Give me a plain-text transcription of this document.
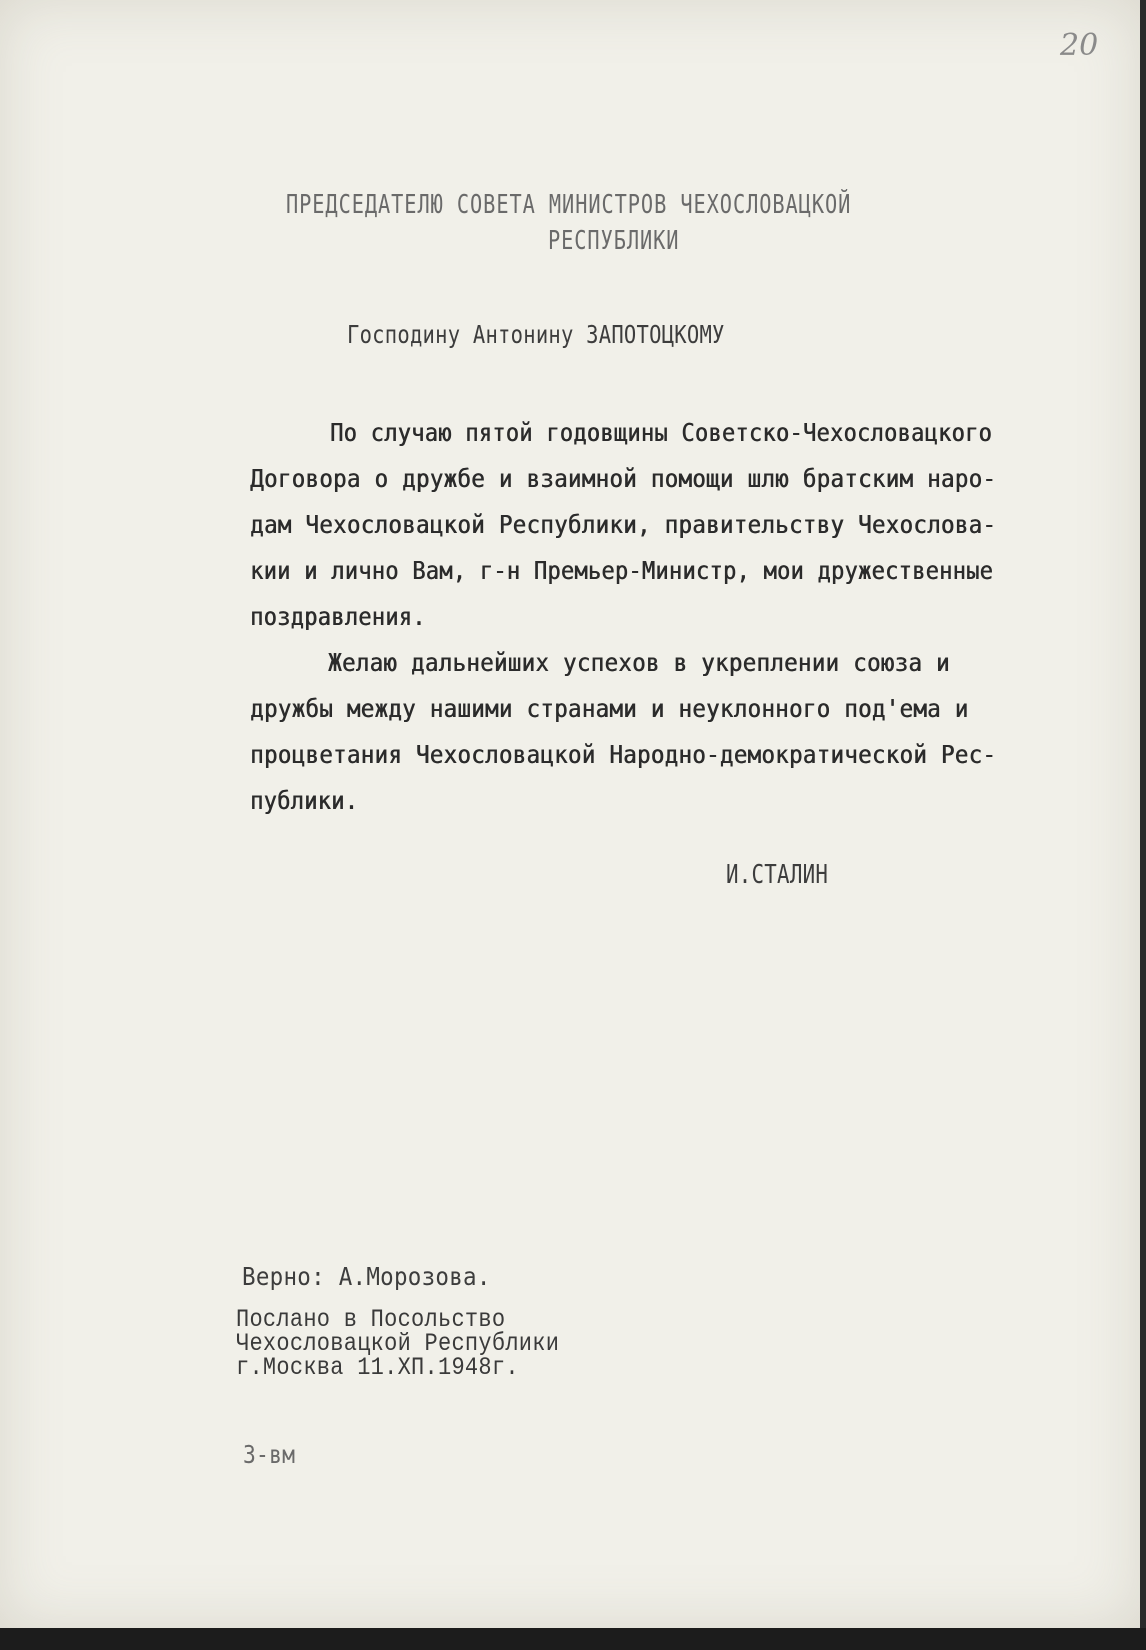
20
ПРЕДСЕДАТЕЛЮ СОВЕТА МИНИСТРОВ ЧЕХОСЛОВАЦКОЙ
РЕСПУБЛИКИ
Господину Антонину ЗАПОТОЦКОМУ
По случаю пятой годовщины Советско-Чехословацкого
Договора о дружбе и взаимной помощи шлю братским наро-
дам Чехословацкой Республики, правительству Чехослова-
кии и лично Вам, г-н Премьер-Министр, мои дружественные
поздравления.
Желаю дальнейших успехов в укреплении союза и
дружбы между нашими странами и неуклонного под'ема и
процветания Чехословацкой Народно-демократической Рес-
публики.
И.СТАЛИН
Верно: А.Морозова.
Послано в Посольство
Чехословацкой Республики
г.Москва 11.XП.1948г.
3-вм
